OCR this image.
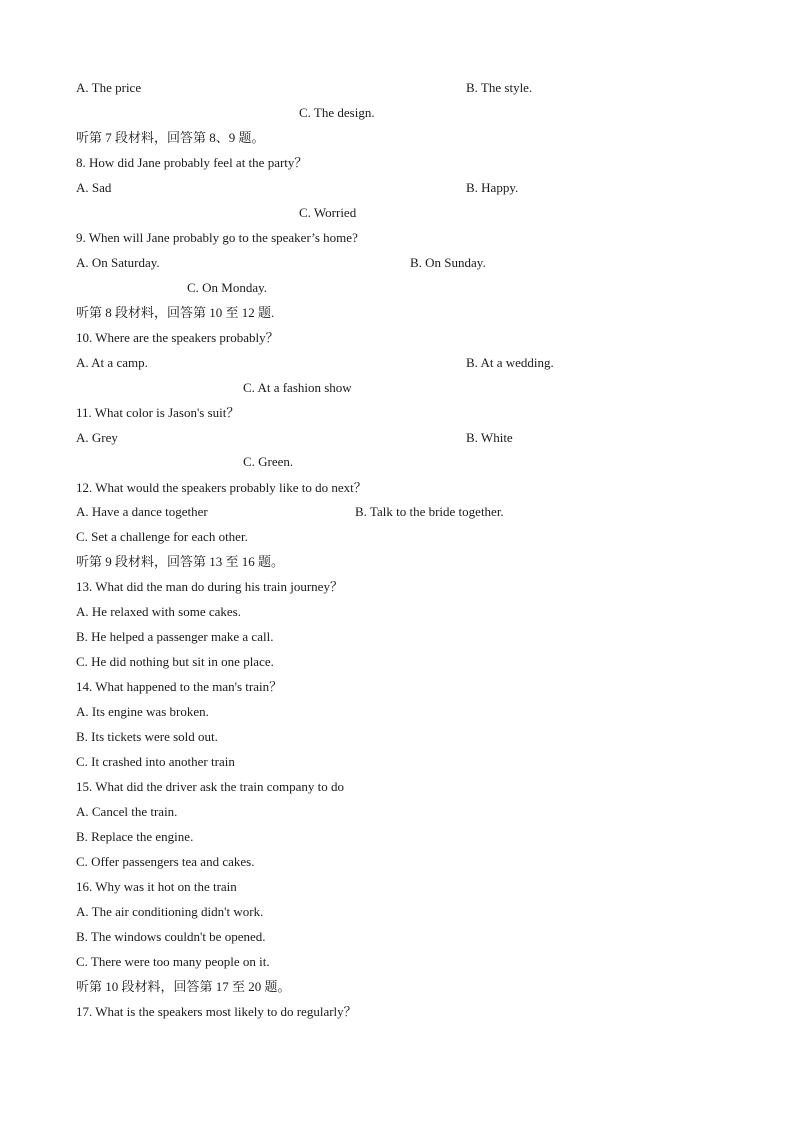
A. The price	B. The style.
C. The design.
听第 7 段材料，回答第 8、9 题。
8. How did Jane probably feel at the party？
A. Sad	B. Happy.
C. Worried
9. When will Jane probably go to the speaker’s home?
A. On Saturday.	B. On Sunday.
C. On Monday.
听第 8 段材料，回答第 10 至 12 题.
10. Where are the speakers probably？
A. At a camp.	B. At a wedding.
C. At a fashion show
11. What color is Jason's suit？
A. Grey	B. White
C. Green.
12. What would the speakers probably like to do next？
A. Have a dance together	B. Talk to the bride together.
C. Set a challenge for each other.
听第 9 段材料，回答第 13 至 16 题。
13. What did the man do during his train journey？
A. He relaxed with some cakes.
B. He helped a passenger make a call.
C. He did nothing but sit in one place.
14. What happened to the man's train？
A. Its engine was broken.
B. Its tickets were sold out.
C. It crashed into another train
15. What did the driver ask the train company to do
A. Cancel the train.
B. Replace the engine.
C. Offer passengers tea and cakes.
16. Why was it hot on the train
A. The air conditioning didn't work.
B. The windows couldn't be opened.
C. There were too many people on it.
听第 10 段材料，回答第 17 至 20 题。
17. What is the speakers most likely to do regularly？
